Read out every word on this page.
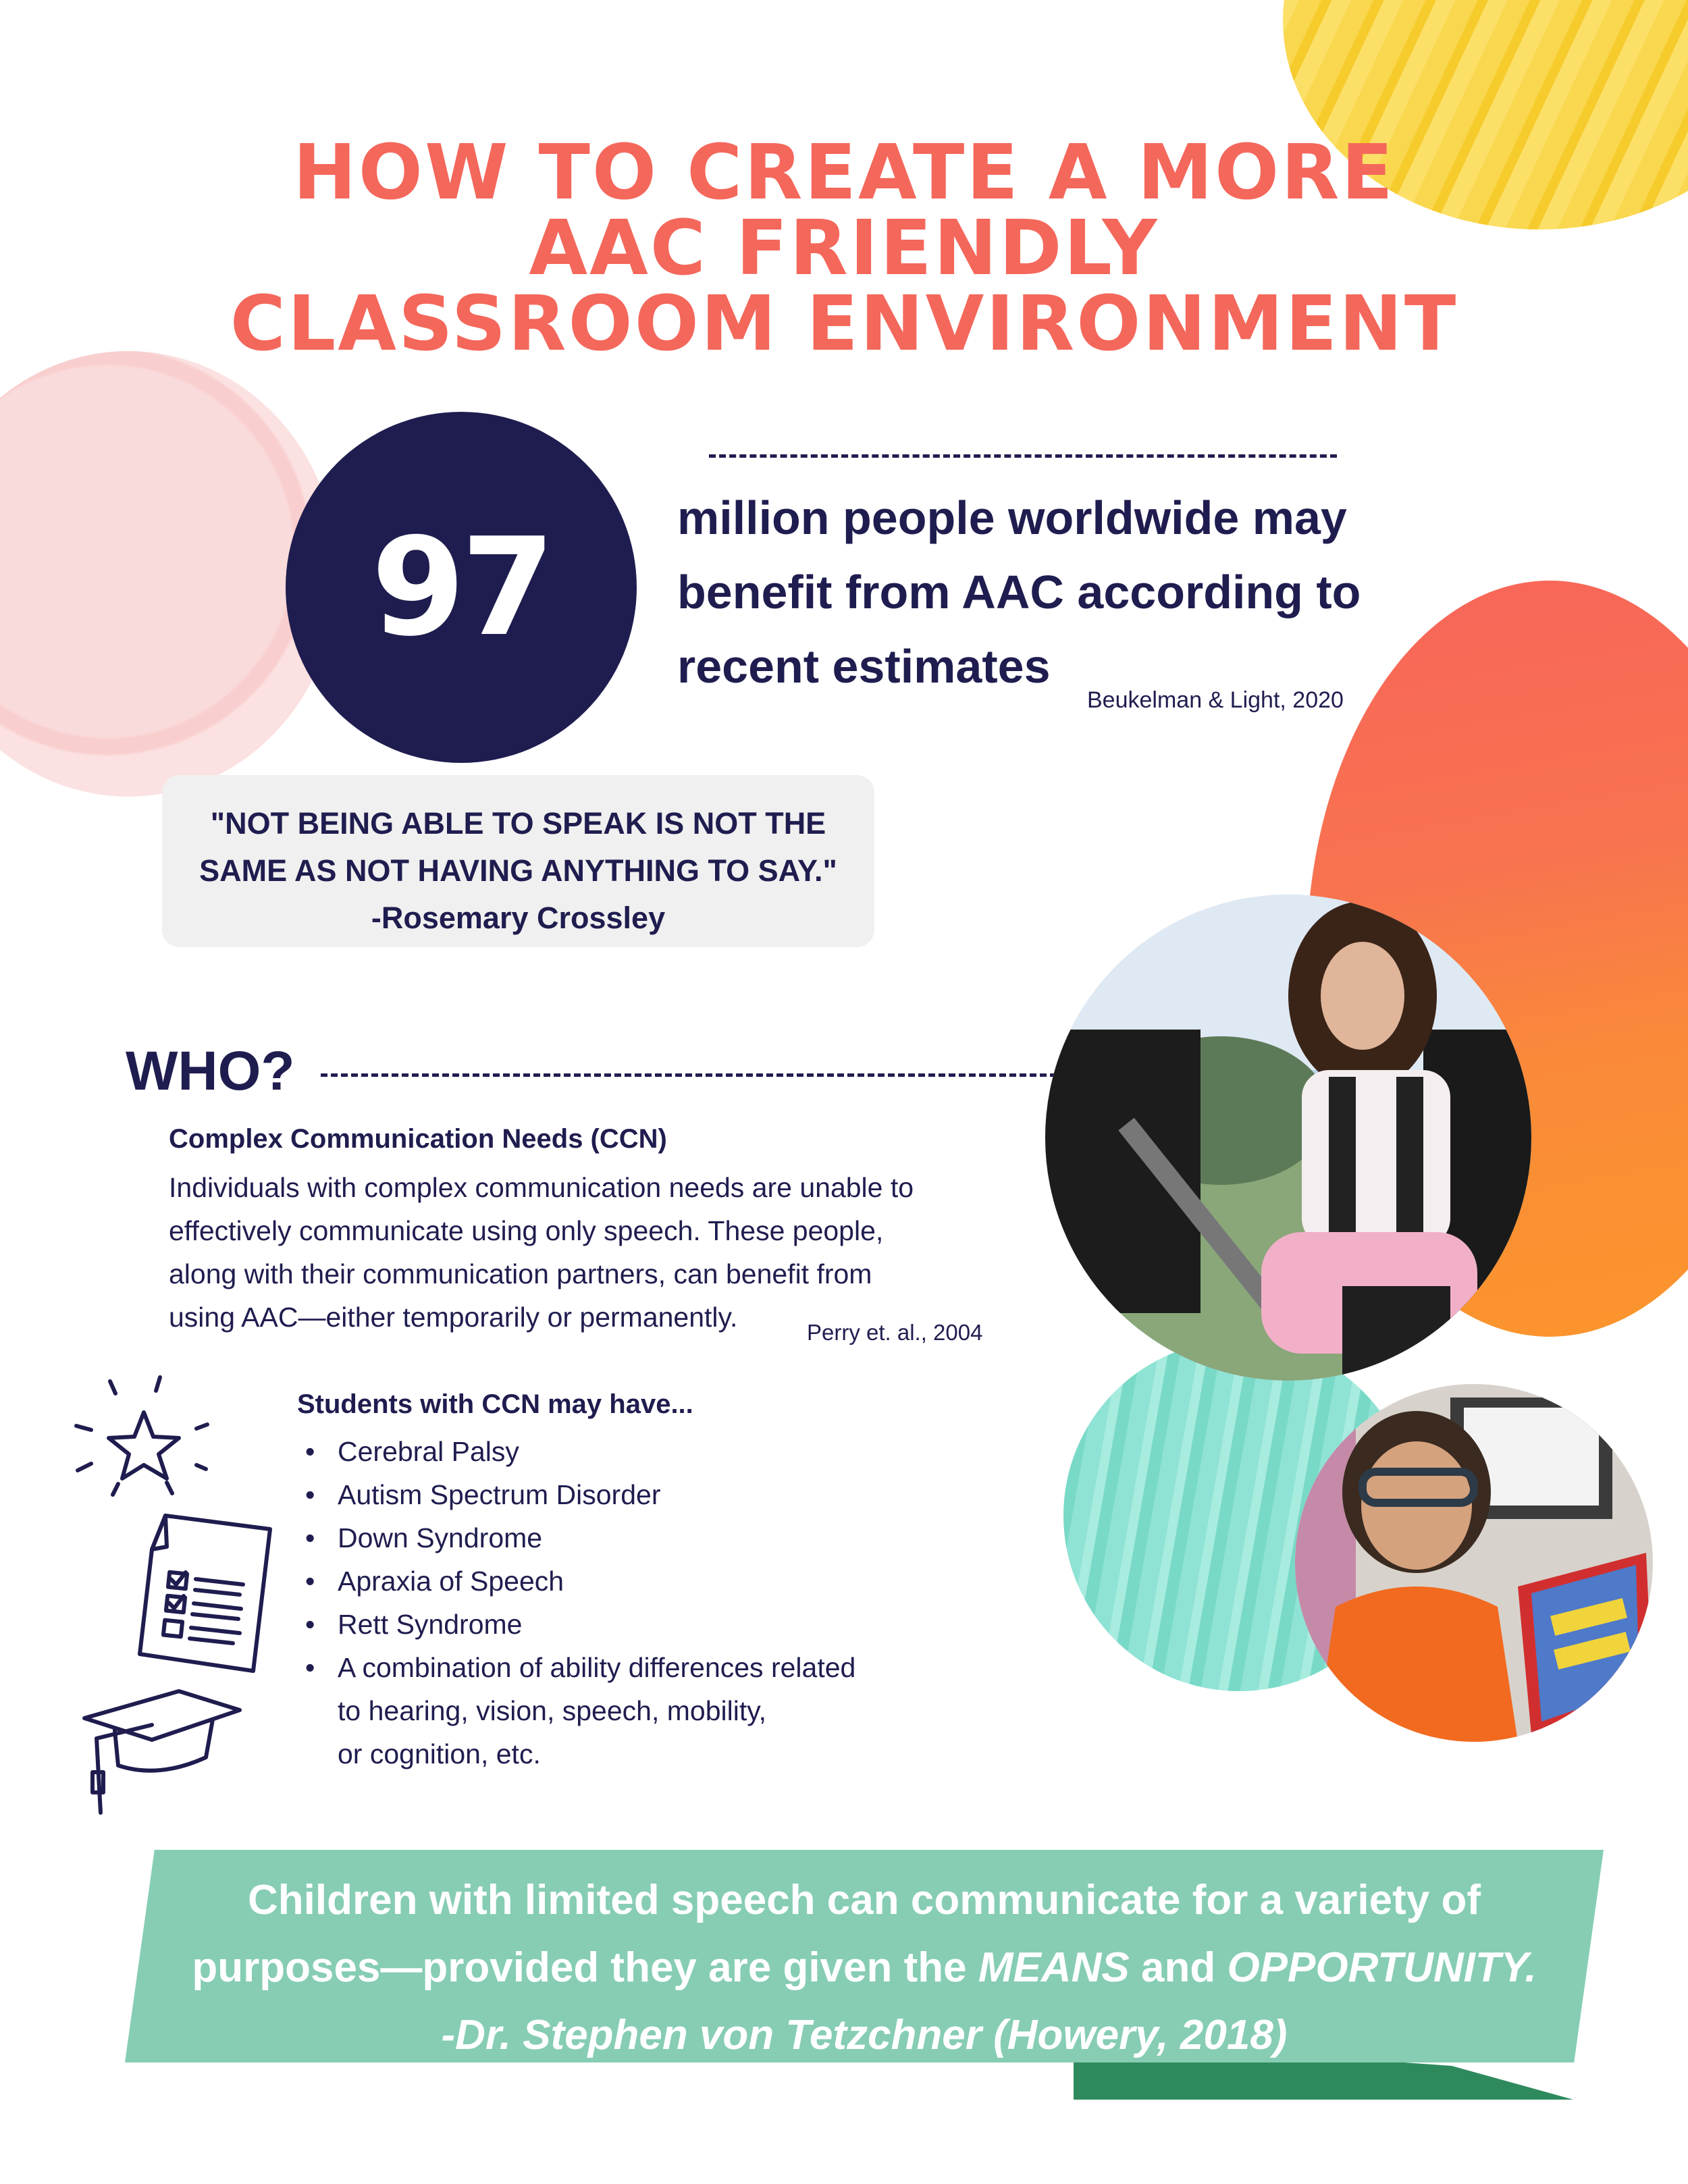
HOW TO CREATE A MORE
AAC FRIENDLY
CLASSROOM ENVIRONMENT
97	million people worldwide may
benefit from AAC according to
recent estimates
Beukelman & Light, 2020
"NOT BEING ABLE TO SPEAK IS NOT THE
SAME AS NOT HAVING ANYTHING TO SAY."
-Rosemary Crossley
WHO?
Complex Communication Needs (CCN)
Individuals with complex communication needs are unable to
effectively communicate using only speech. These people,
along with their communication partners, can benefit from
using AAC—either temporarily or permanently.	Perry et. al., 2004
Students with CCN may have...
• Cerebral Palsy
• Autism Spectrum Disorder
• Down Syndrome
• Apraxia of Speech
• Rett Syndrome
• A combination of ability differences related
to hearing, vision, speech, mobility,
or cognition, etc.
Children with limited speech can communicate for a variety of
purposes—provided they are given the MEANS and OPPORTUNITY.
-Dr. Stephen von Tetzchner (Howery, 2018)
